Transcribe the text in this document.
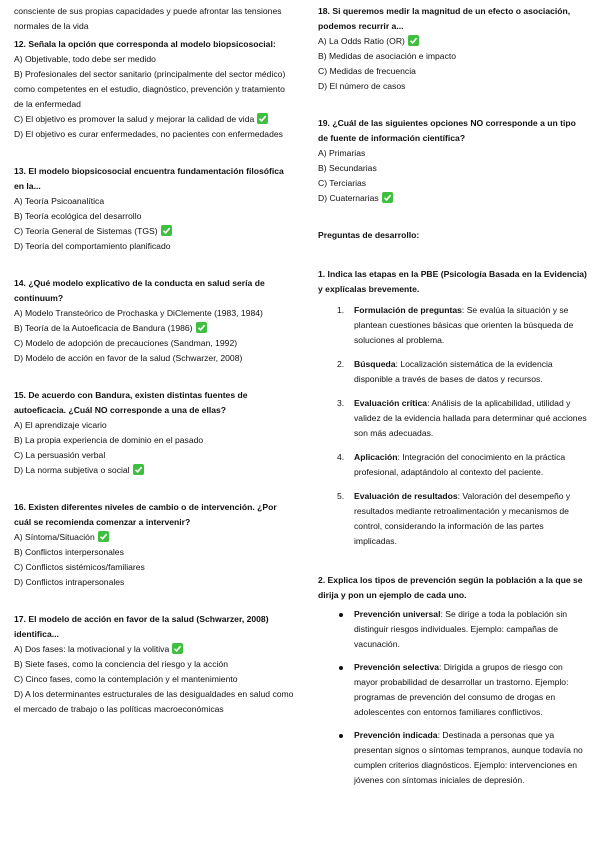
consciente de sus propias capacidades y puede afrontar las tensiones normales de la vida

12. Señala la opción que corresponda al modelo biopsicosocial:

A) Objetivable, todo debe ser medido

B) Profesionales del sector sanitario (principalmente del sector médico) como competentes en el estudio, diagnóstico, prevención y tratamiento de la enfermedad

C) El objetivo es promover la salud y mejorar la calidad de vida

D) El objetivo es curar enfermedades, no pacientes con enfermedades

13. El modelo biopsicosocial encuentra fundamentación filosófica en la...

A) Teoría Psicoanalítica

B) Teoría ecológica del desarrollo

C) Teoría General de Sistemas (TGS)

D) Teoría del comportamiento planificado

14. ¿Qué modelo explicativo de la conducta en salud sería de continuum?

A) Modelo Transteórico de Prochaska y DiClemente (1983, 1984)

B) Teoría de la Autoeficacia de Bandura (1986)

C) Modelo de adopción de precauciones (Sandman, 1992)

D) Modelo de acción en favor de la salud (Schwarzer, 2008)

15. De acuerdo con Bandura, existen distintas fuentes de autoeficacia. ¿Cuál NO corresponde a una de ellas?

A) El aprendizaje vicario

B) La propia experiencia de dominio en el pasado

C) La persuasión verbal

D) La norma subjetiva o social

16. Existen diferentes niveles de cambio o de intervención. ¿Por cuál se recomienda comenzar a intervenir?

A) Síntoma/Situación

B) Conflictos interpersonales

C) Conflictos sistémicos/familiares

D) Conflictos intrapersonales

17. El modelo de acción en favor de la salud (Schwarzer, 2008) identifica...

A) Dos fases: la motivacional y la volitiva

B) Siete fases, como la conciencia del riesgo y la acción

C) Cinco fases, como la contemplación y el mantenimiento

D) A los determinantes estructurales de las desigualdades en salud como el mercado de trabajo o las políticas macroeconómicas

18. Si queremos medir la magnitud de un efecto o asociación, podemos recurrir a...

A) La Odds Ratio (OR)

B) Medidas de asociación e impacto

C) Medidas de frecuencia

D) El número de casos

19. ¿Cuál de las siguientes opciones NO corresponde a un tipo de fuente de información científica?

A) Primarias

B) Secundarias

C) Terciarias

D) Cuaternarias

Preguntas de desarrollo:

1. Indica las etapas en la PBE (Psicología Basada en la Evidencia) y explícalas brevemente.

1. Formulación de preguntas: Se evalúa la situación y se plantean cuestiones básicas que orienten la búsqueda de soluciones al problema.
2. Búsqueda: Localización sistemática de la evidencia disponible a través de bases de datos y recursos.
3. Evaluación crítica: Análisis de la aplicabilidad, utilidad y validez de la evidencia hallada para determinar qué acciones son más adecuadas.
4. Aplicación: Integración del conocimiento en la práctica profesional, adaptándolo al contexto del paciente.
5. Evaluación de resultados: Valoración del desempeño y resultados mediante retroalimentación y mecanismos de control, considerando la información de las partes implicadas.

2. Explica los tipos de prevención según la población a la que se dirija y pon un ejemplo de cada uno.

Prevención universal: Se dirige a toda la población sin distinguir riesgos individuales. Ejemplo: campañas de vacunación.
Prevención selectiva: Dirigida a grupos de riesgo con mayor probabilidad de desarrollar un trastorno. Ejemplo: programas de prevención del consumo de drogas en adolescentes con entornos familiares conflictivos.
Prevención indicada: Destinada a personas que ya presentan signos o síntomas tempranos, aunque todavía no cumplen criterios diagnósticos. Ejemplo: intervenciones en jóvenes con síntomas iniciales de depresión.
